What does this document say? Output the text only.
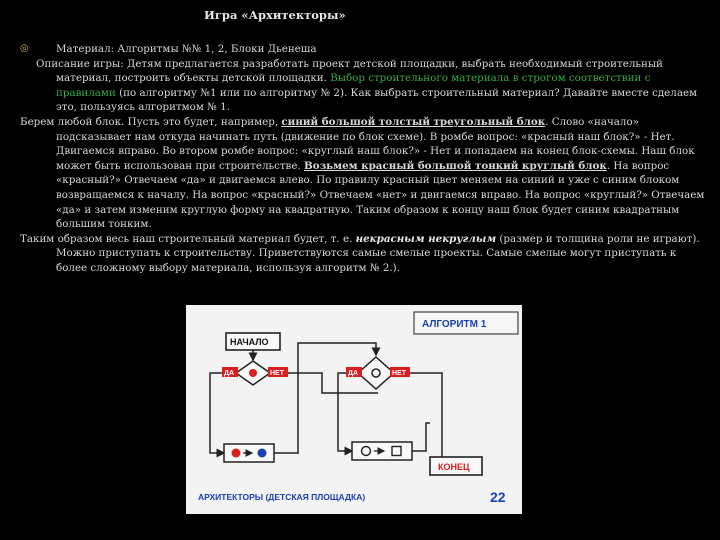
Игра «Архитекторы»

◎	Материал: Алгоритмы №№ 1, 2, Блоки Дьенеша

Описание игры: Детям предлагается разработать проект детской площадки, выбрать необходимый строительный материал, построить объекты детской площадки. Выбор строительного материала в строгом соответствии с правилами (по алгоритму №1 или по алгоритму № 2). Как выбрать строительный материал? Давайте вместе сделаем это, пользуясь алгоритмом № 1.

Берем любой блок. Пусть это будет, например, синий большой толстый треугольный блок. Слово «начало» подсказывает нам откуда начинать путь (движение по блок схеме). В ромбе вопрос: «красный наш блок?» - Нет. Двигаемся вправо. Во втором ромбе вопрос: «круглый наш блок?» - Нет и попадаем на конец блок-схемы. Наш блок может быть использован при строительстве. Возьмем красный большой тонкий круглый блок. На вопрос «красный?» Отвечаем «да» и двигаемся влево. По правилу красный цвет меняем на синий и уже с синим блоком возвращаемся к началу. На вопрос «красный?» Отвечаем «нет» и двигаемся вправо. На вопрос «круглый?» Отвечаем «да» и затем изменим круглую форму на квадратную. Таким образом к концу наш блок будет синим квадратным большим тонким.

Таким образом весь наш строительный материал будет, т. е. некрасным некруглым (размер и толщина роли не играют). Можно приступать к строительству. Приветствуются самые смелые проекты. Самые смелые могут приступать к более сложному выбору материала, используя алгоритм № 2.).

АЛГОРИТМ 1
НАЧАЛО
ДА	НЕТ	ДА	НЕТ
КОНЕЦ
АРХИТЕКТОРЫ (ДЕТСКАЯ ПЛОЩАДКА)	22
